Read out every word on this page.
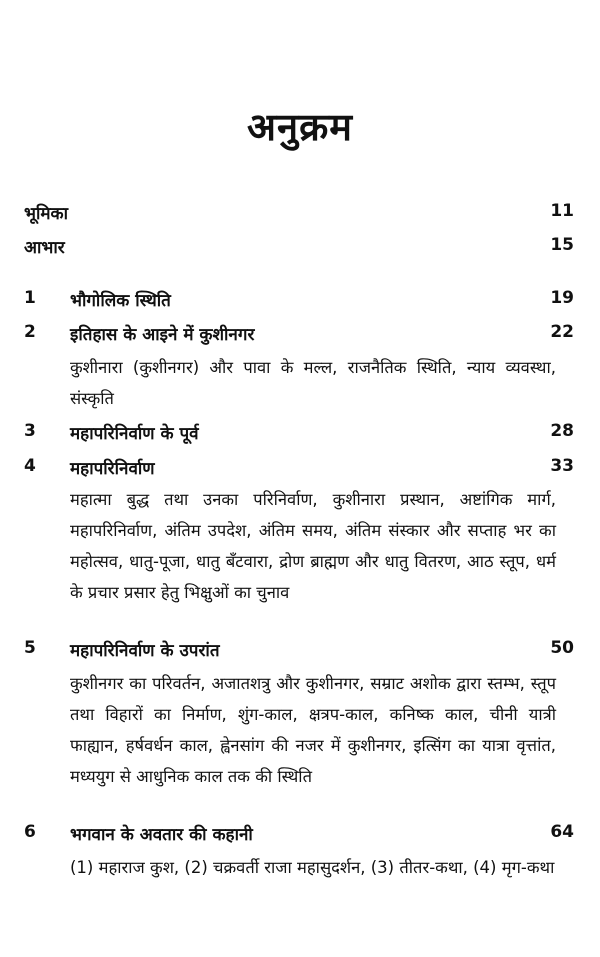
अनुक्रम
भूमिका	11
आभार	15
1 भौगोलिक स्थिति	19
2 इतिहास के आइने में कुशीनगर	22
कुशीनारा (कुशीनगर) और पावा के मल्ल, राजनैतिक स्थिति, न्याय व्यवस्था, संस्कृति
3 महापरिनिर्वाण के पूर्व	28
4 महापरिनिर्वाण	33
महात्मा बुद्ध तथा उनका परिनिर्वाण, कुशीनारा प्रस्थान, अष्टांगिक मार्ग, महापरिनिर्वाण, अंतिम उपदेश, अंतिम समय, अंतिम संस्कार और सप्ताह भर का महोत्सव, धातु-पूजा, धातु बँटवारा, द्रोण ब्राह्मण और धातु वितरण, आठ स्तूप, धर्म के प्रचार प्रसार हेतु भिक्षुओं का चुनाव
5 महापरिनिर्वाण के उपरांत	50
कुशीनगर का परिवर्तन, अजातशत्रु और कुशीनगर, सम्राट अशोक द्वारा स्तम्भ, स्तूप तथा विहारों का निर्माण, शुंग-काल, क्षत्रप-काल, कनिष्क काल, चीनी यात्री फाह्यान, हर्षवर्धन काल, ह्वेनसांग की नजर में कुशीनगर, इत्सिंग का यात्रा वृत्तांत, मध्ययुग से आधुनिक काल तक की स्थिति
6 भगवान के अवतार की कहानी	64
(1) महाराज कुश, (2) चक्रवर्ती राजा महासुदर्शन, (3) तीतर-कथा, (4) मृग-कथा
